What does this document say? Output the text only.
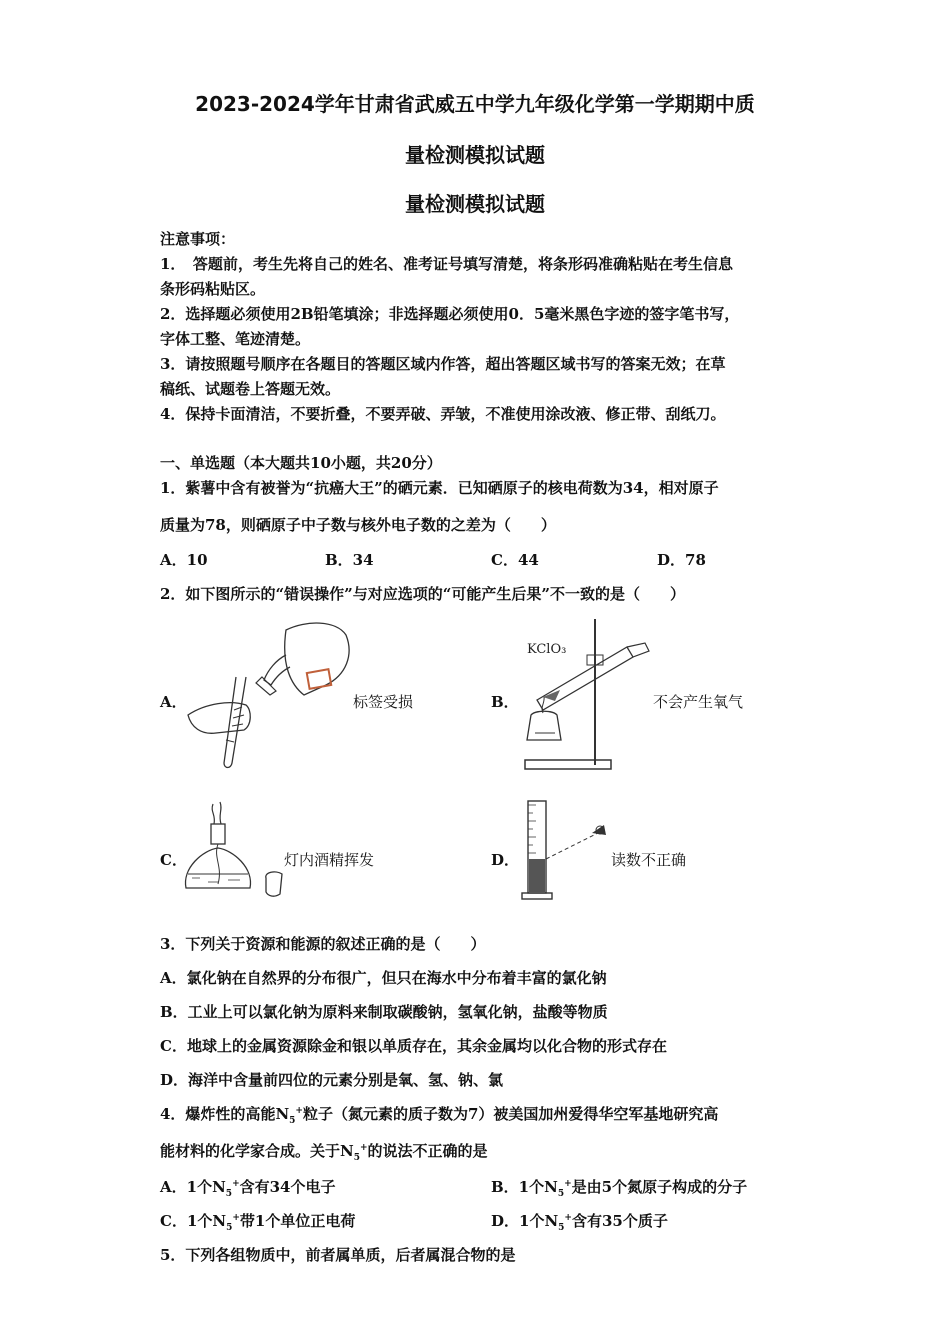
2023-2024学年甘肃省武威五中学九年级化学第一学期期中质
量检测模拟试题
量检测模拟试题
注意事项：
1．　答题前，考生先将自己的姓名、准考证号填写清楚，将条形码准确粘贴在考生信息
条形码粘贴区。
2．选择题必须使用2B铅笔填涂；非选择题必须使用0．5毫米黑色字迹的签字笔书写，
字体工整、笔迹清楚。
3．请按照题号顺序在各题目的答题区域内作答，超出答题区域书写的答案无效；在草
稿纸、试题卷上答题无效。
4．保持卡面清洁，不要折叠，不要弄破、弄皱，不准使用涂改液、修正带、刮纸刀。
一、单选题（本大题共10小题，共20分）
1．紫薯中含有被誉为“抗癌大王”的硒元素．已知硒原子的核电荷数为34，相对原子
质量为78，则硒原子中子数与核外电子数的之差为（　　）
A．10	B．34	C．44	D．78
2．如下图所示的“错误操作”与对应选项的“可能产生后果”不一致的是（　　）
A．	标签受损	B．
KClO₃
不会产生氧气
C．	灯内酒精挥发	D．	读数不正确
3．下列关于资源和能源的叙述正确的是（　　）
A．氯化钠在自然界的分布很广，但只在海水中分布着丰富的氯化钠
B．工业上可以氯化钠为原料来制取碳酸钠，氢氧化钠，盐酸等物质
C．地球上的金属资源除金和银以单质存在，其余金属均以化合物的形式存在
D．海洋中含量前四位的元素分别是氧、氢、钠、氯
4．爆炸性的高能$N_5^+$粒子（氮元素的质子数为7）被美国加州爱得华空军基地研究高
能材料的化学家合成。关于$N_5^+$的说法不正确的是
A．1个$N_5^+$含有34个电子	B．1个$N_5^+$是由5个氮原子构成的分子
C．1个$N_5^+$带1个单位正电荷	D．1个$N_5^+$含有35个质子
5．下列各组物质中，前者属单质，后者属混合物的是
